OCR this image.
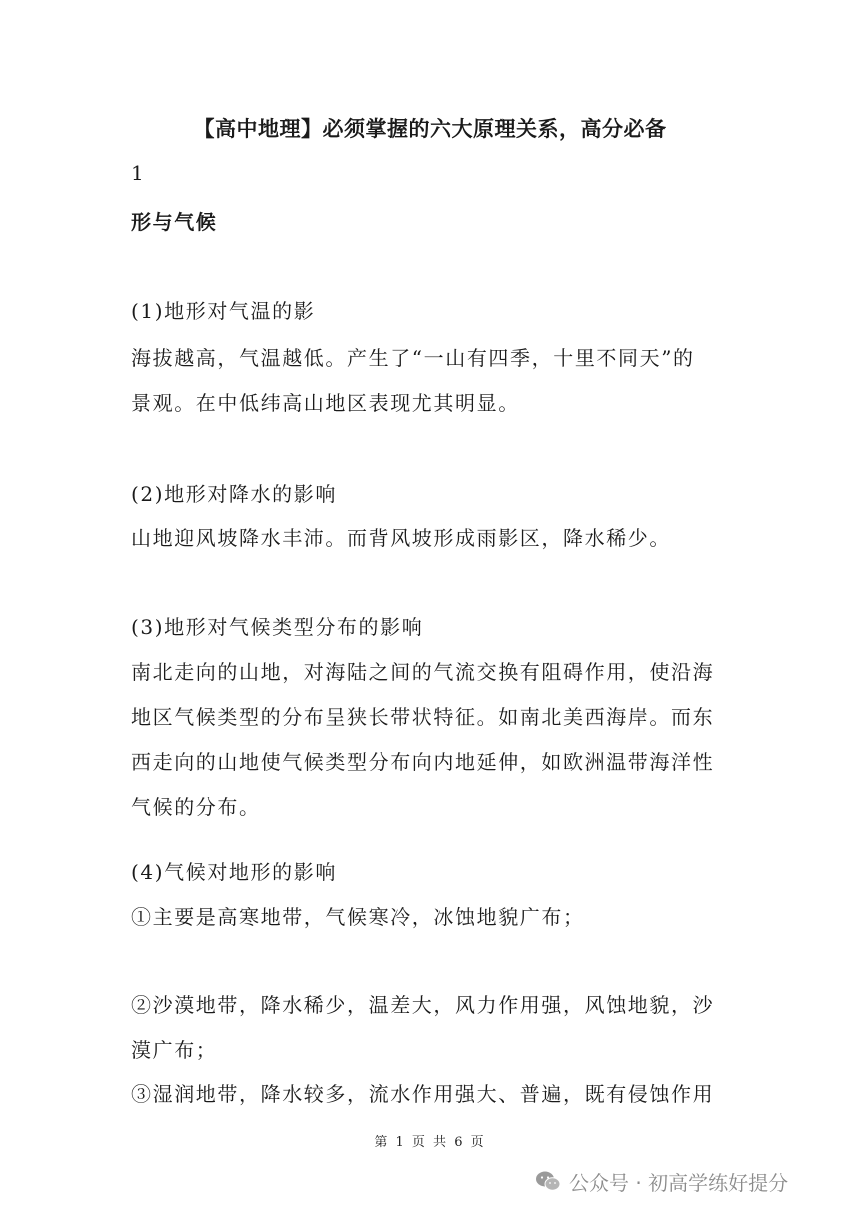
【高中地理】必须掌握的六大原理关系，高分必备
1
形与气候
(1)地形对气温的影
海拔越高，气温越低。产生了“一山有四季，十里不同天”的
景观。在中低纬高山地区表现尤其明显。
(2)地形对降水的影响
山地迎风坡降水丰沛。而背风坡形成雨影区，降水稀少。
(3)地形对气候类型分布的影响
南北走向的山地，对海陆之间的气流交换有阻碍作用，使沿海
地区气候类型的分布呈狭长带状特征。如南北美西海岸。而东
西走向的山地使气候类型分布向内地延伸，如欧洲温带海洋性
气候的分布。
(4)气候对地形的影响
①主要是高寒地带，气候寒冷，冰蚀地貌广布；
②沙漠地带，降水稀少，温差大，风力作用强，风蚀地貌，沙
漠广布；
③湿润地带，降水较多，流水作用强大、普遍，既有侵蚀作用
第 1 页 共 6 页
公众号 · 初高学练好提分
